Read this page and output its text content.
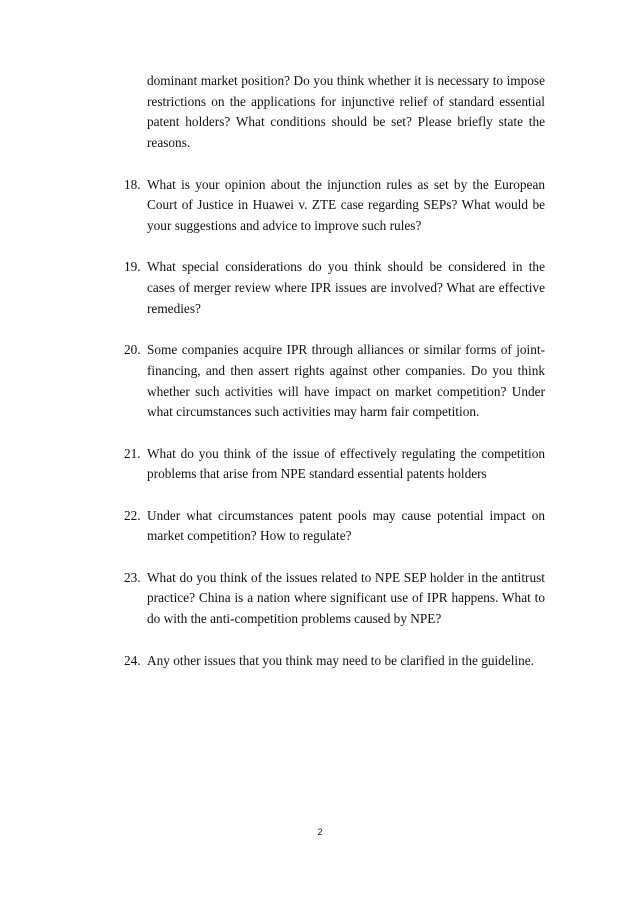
dominant market position? Do you think whether it is necessary to impose restrictions on the applications for injunctive relief of standard essential patent holders? What conditions should be set? Please briefly state the reasons.

18. What is your opinion about the injunction rules as set by the European Court of Justice in Huawei v. ZTE case regarding SEPs? What would be your suggestions and advice to improve such rules?
19. What special considerations do you think should be considered in the cases of merger review where IPR issues are involved? What are effective remedies?
20. Some companies acquire IPR through alliances or similar forms of joint-financing, and then assert rights against other companies. Do you think whether such activities will have impact on market competition? Under what circumstances such activities may harm fair competition.
21. What do you think of the issue of effectively regulating the competition problems that arise from NPE standard essential patents holders
22. Under what circumstances patent pools may cause potential impact on market competition? How to regulate?
23. What do you think of the issues related to NPE SEP holder in the antitrust practice? China is a nation where significant use of IPR happens. What to do with the anti-competition problems caused by NPE?
24. Any other issues that you think may need to be clarified in the guideline.
2
